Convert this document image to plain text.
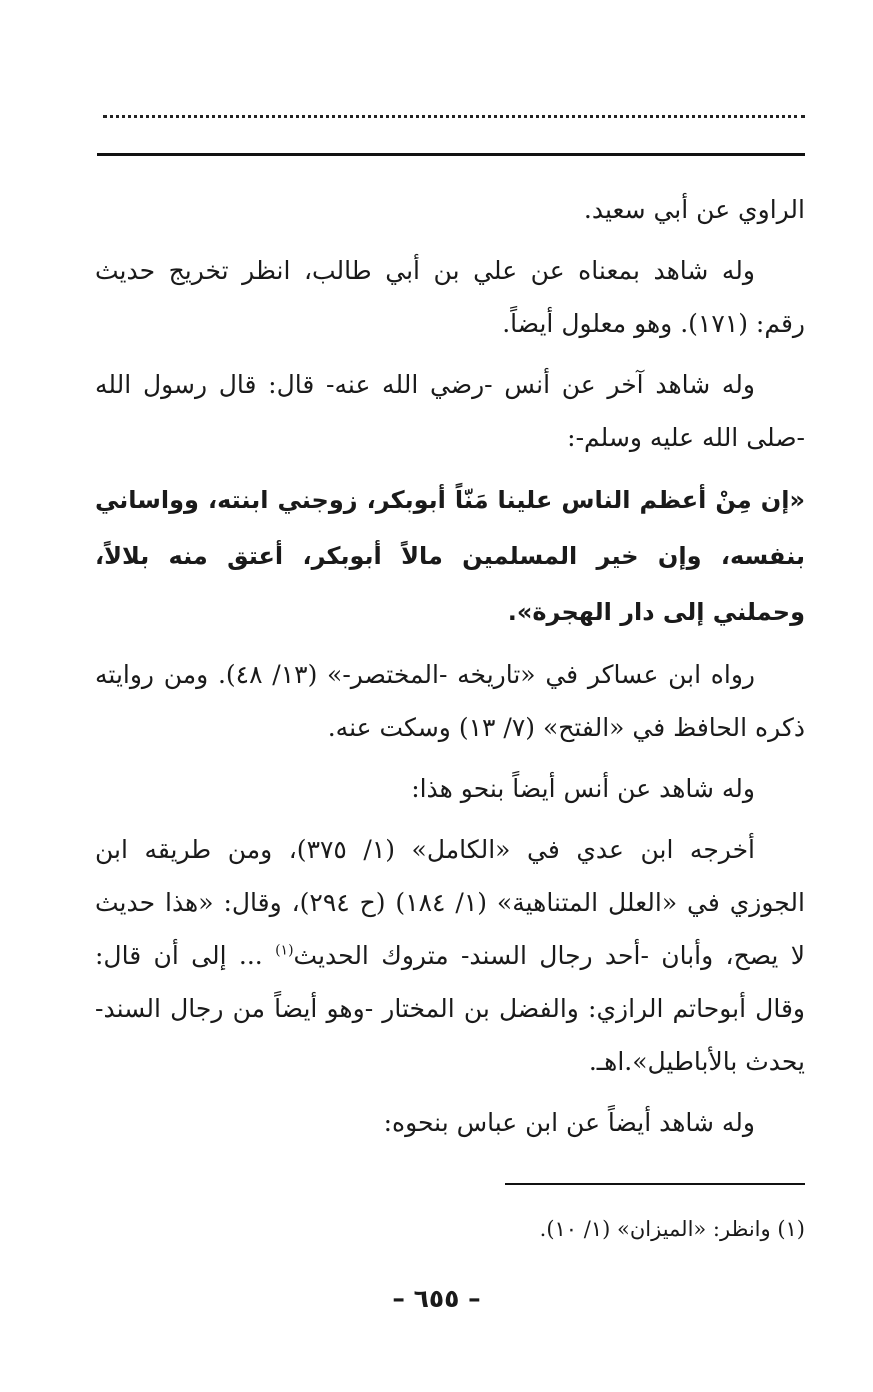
الراوي عن أبي سعيد.

وله شاهد بمعناه عن علي بن أبي طالب، انظر تخريج حديث رقم: (١٧١). وهو معلول أيضاً.

وله شاهد آخر عن أنس -رضي الله عنه- قال: قال رسول الله -صلى الله عليه وسلم-:

«إن مِنْ أعظم الناس علينا مَنّاً أبوبكر، زوجني ابنته، وواساني بنفسه، وإن خير المسلمين مالاً أبوبكر، أعتق منه بلالاً، وحملني إلى دار الهجرة».

رواه ابن عساكر في «تاريخه -المختصر-» (١٣/ ٤٨). ومن روايته ذكره الحافظ في «الفتح» (٧/ ١٣) وسكت عنه.

وله شاهد عن أنس أيضاً بنحو هذا:

أخرجه ابن عدي في «الكامل» (١/ ٣٧٥)، ومن طريقه ابن الجوزي في «العلل المتناهية» (١/ ١٨٤) (ح ٢٩٤)، وقال: «هذا حديث لا يصح، وأبان -أحد رجال السند- متروك الحديث$^{(١)}$ ... إلى أن قال: وقال أبوحاتم الرازي: والفضل بن المختار -وهو أيضاً من رجال السند- يحدث بالأباطيل».اهـ.

وله شاهد أيضاً عن ابن عباس بنحوه:

(١) وانظر: «الميزان» (١/ ١٠).
– ٦٥٥ –
